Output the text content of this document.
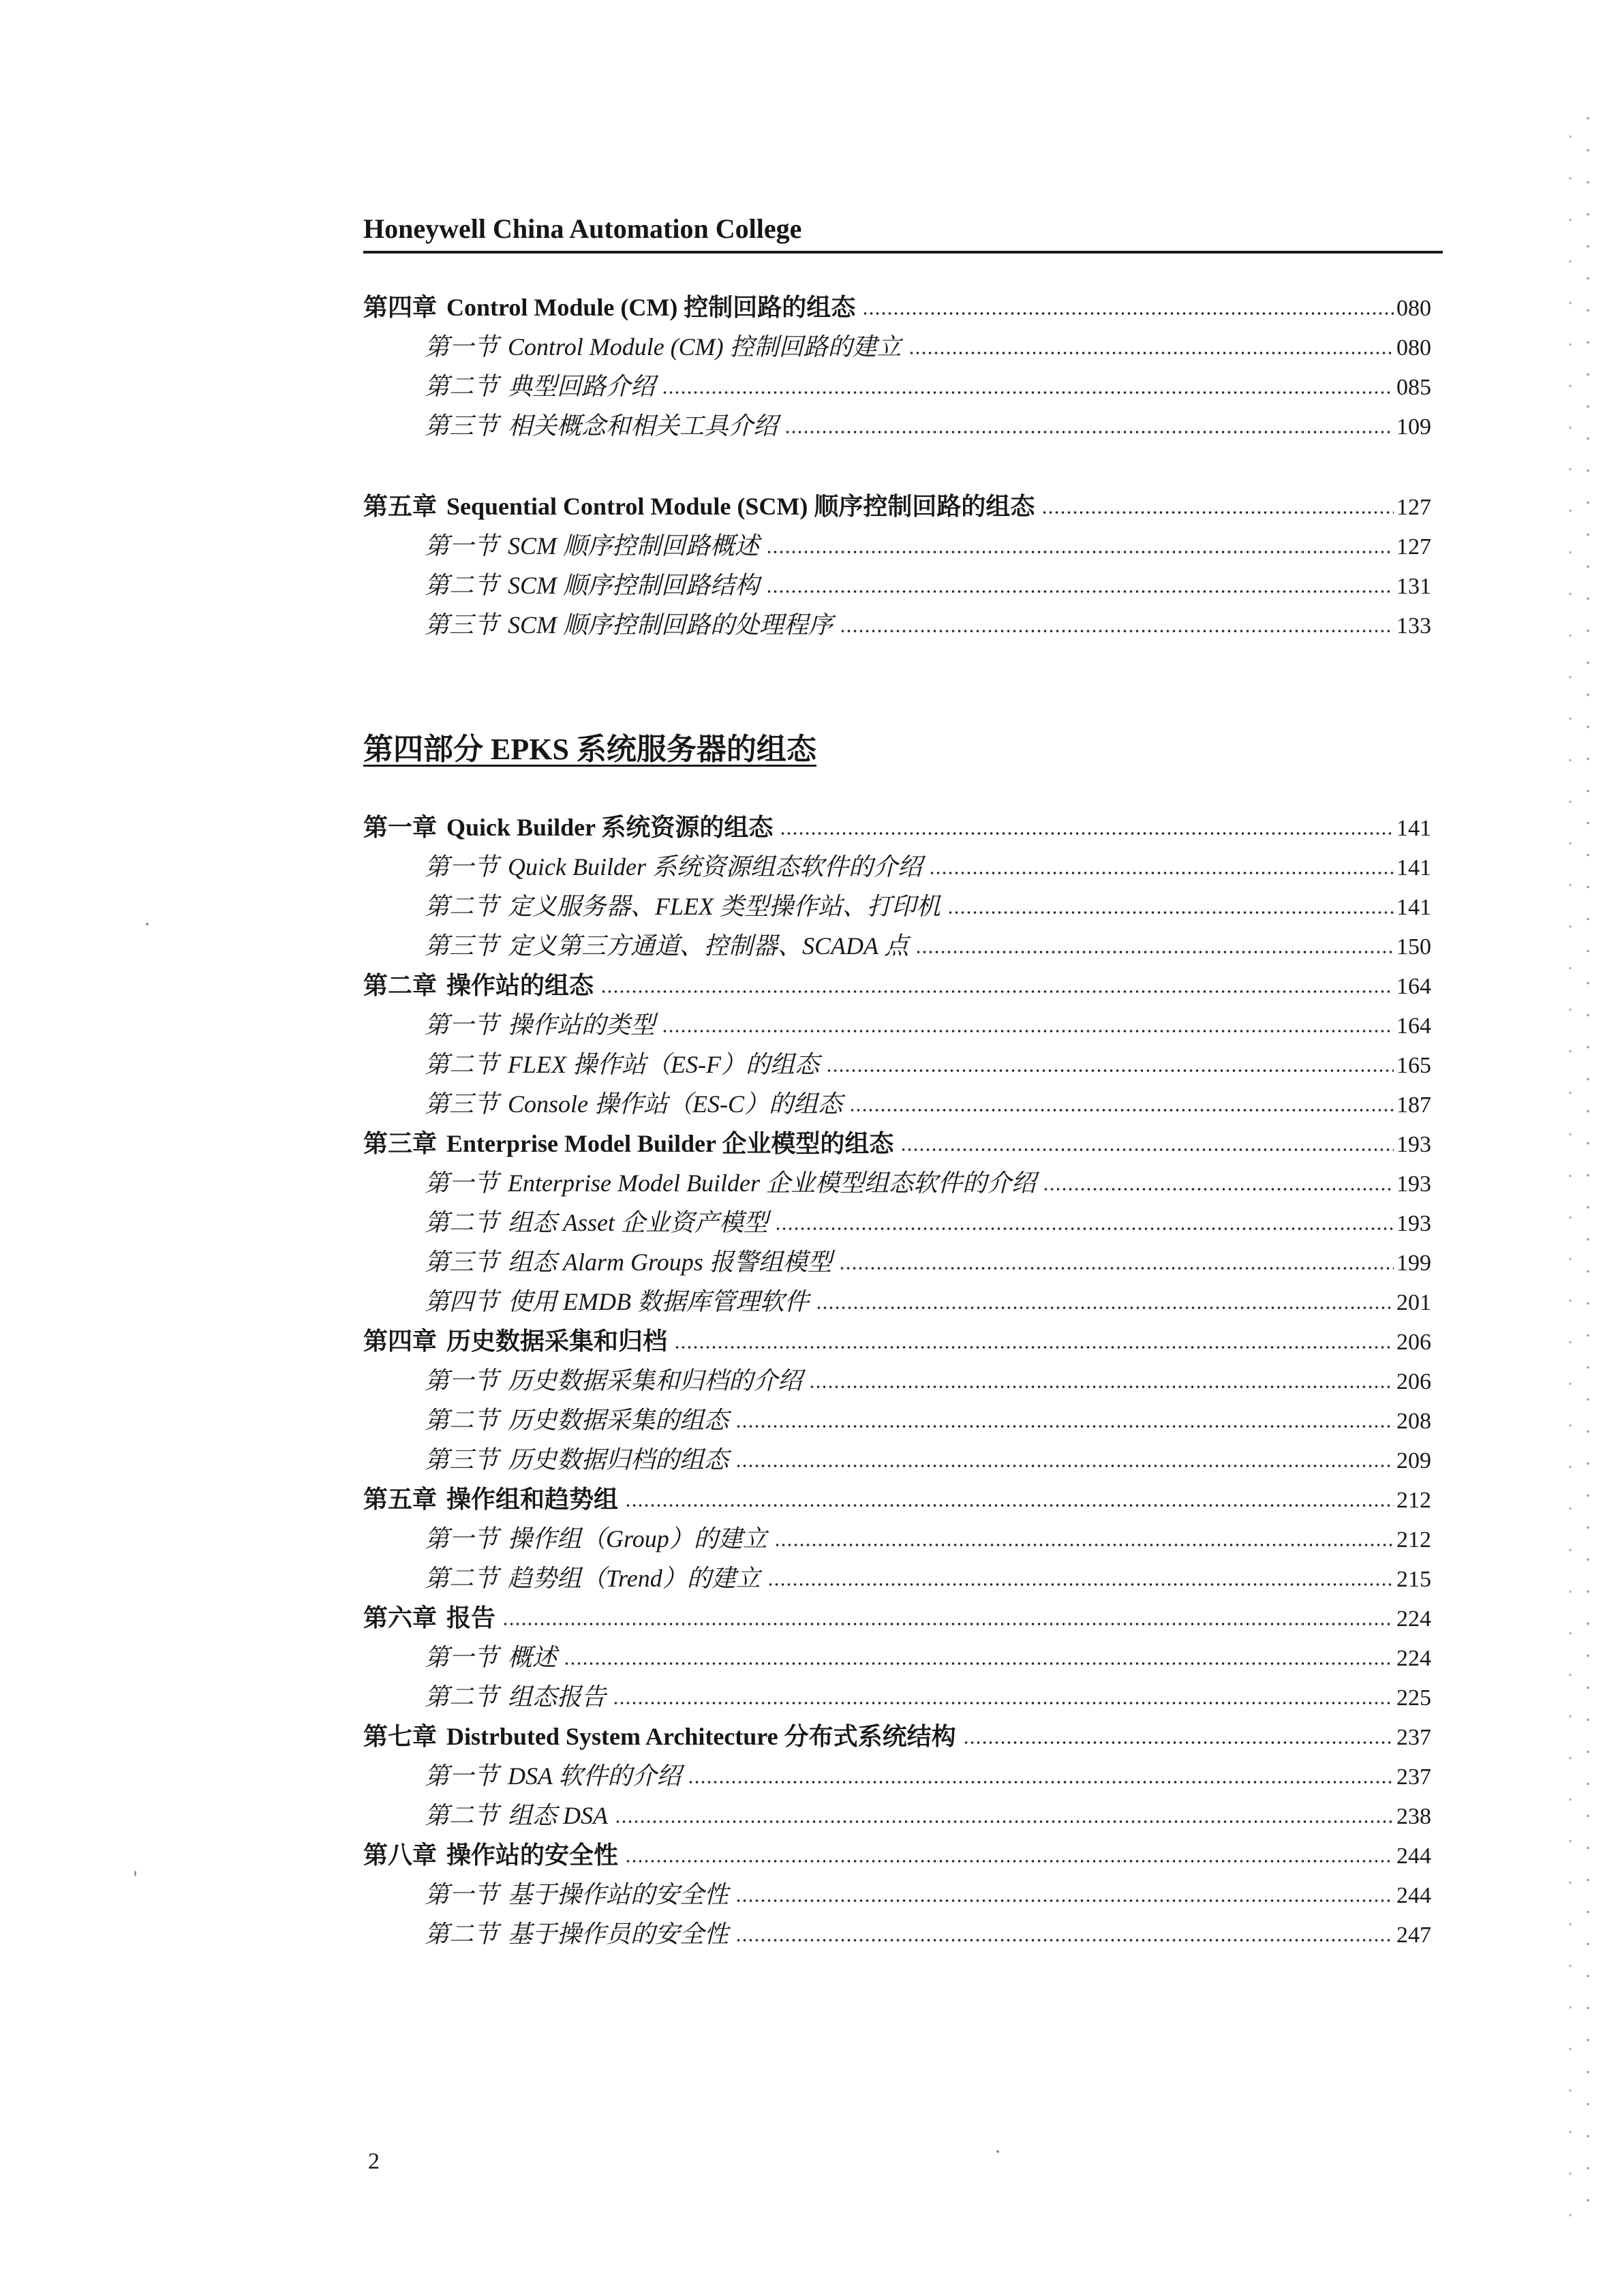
Honeywell China Automation College
第四章 Control Module (CM) 控制回路的组态	080
第一节 Control Module (CM) 控制回路的建立	080
第二节 典型回路介绍	085
第三节 相关概念和相关工具介绍	109
第五章 Sequential Control Module (SCM) 顺序控制回路的组态	127
第一节 SCM 顺序控制回路概述	127
第二节 SCM 顺序控制回路结构	131
第三节 SCM 顺序控制回路的处理程序	133
第四部分 EPKS 系统服务器的组态
第一章 Quick Builder 系统资源的组态	141
第一节 Quick Builder 系统资源组态软件的介绍	141
第二节 定义服务器、FLEX 类型操作站、打印机	141
第三节 定义第三方通道、控制器、SCADA 点	150
第二章 操作站的组态	164
第一节 操作站的类型	164
第二节 FLEX 操作站（ES-F）的组态	165
第三节 Console 操作站（ES-C）的组态	187
第三章 Enterprise Model Builder 企业模型的组态	193
第一节 Enterprise Model Builder 企业模型组态软件的介绍	193
第二节 组态 Asset 企业资产模型	193
第三节 组态 Alarm Groups 报警组模型	199
第四节 使用 EMDB 数据库管理软件	201
第四章 历史数据采集和归档	206
第一节 历史数据采集和归档的介绍	206
第二节 历史数据采集的组态	208
第三节 历史数据归档的组态	209
第五章 操作组和趋势组	212
第一节 操作组（Group）的建立	212
第二节 趋势组（Trend）的建立	215
第六章 报告	224
第一节 概述	224
第二节 组态报告	225
第七章 Distrbuted System Architecture 分布式系统结构	237
第一节 DSA 软件的介绍	237
第二节 组态 DSA	238
第八章 操作站的安全性	244
第一节 基于操作站的安全性	244
第二节 基于操作员的安全性	247
2
